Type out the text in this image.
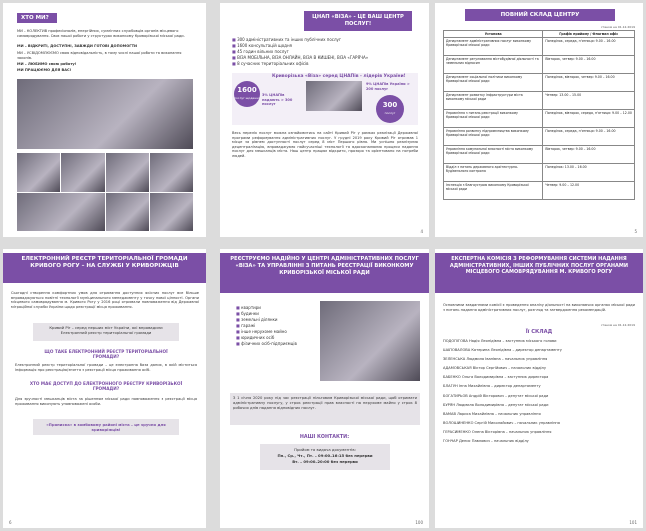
ХТО МИ?
МИ – КОЛЕКТИВ професіоналів, енергійних, сумлінних службовців органів місцевого самоврядування. Своє нашої роботи у структурах виконкому Криворізької міської ради.
МИ – ВІДКРИТІ, ДОСТУПНІ, ЗАВЖДИ ГОТОВІ ДОПОМОГТИ
МИ – УСВІДОМЛЮЄМО свою відповідальність, в тому числі нашої роботи та виконання законів.
МИ – ЛЮБИМО свою роботу!
МИ ПРАЦЮЄМО ДЛЯ ВАС!
ЦНАП «ВІЗА» - ЦЕ ВАШ ЦЕНТР ПОСЛУГ!
■ 300 адміністративних та інших публічних послуг
■ 1600 консультацій щодня
■ 45 годин вільних послуг
■ ВІЗА МОБІЛЬНА, ВІЗА ОНЛАЙН, ВІЗА В КИШЕНІ, ВІЗА «ГАРЯЧА»
■ 8 сучасних територіальних офісів
Криворізька «Віза» серед ЦНАПів - лідерів України!
1600
послуг щоденно
3% ЦНАПів надають > 300 послуг
9% ЦНАПів України > 200 послуг
300
послуг
Весь перелік послуг можна ознайомитись на сайті Кривий Ріг у рамках реалізації Державної програми реформування адміністративних послуг. У грудні 2019 року Кривий Ріг отримав 1 місце за рівнем доступності послуг серед 8 міст Першого рівня. Ми успішно реалізуємо децентралізацію, впроваджуємо найсучасніші технології та вдосконалюємо процеси надання послуг для мешканців міста. Наш центр працює відкрито, прозоро та орієнтовано на потреби людей.
4
ПОВНИЙ СКЛАД ЦЕНТРУ
станом на 01.12.2019
Установа	Графік прийому / Флагман офіс
Департамент адміністративних послуг виконкому Криворізької міської ради	Понеділок, середа, п'ятниця: 9.00 – 16.00
Департамент регулювання містобудівної діяльності та земельних відносин	Вівторок, четвер: 9.00 – 16.00
Департамент соціальної політики виконкому Криворізької міської ради	Понеділок, вівторок, четвер: 9.00 – 16.00
Департамент розвитку інфраструктури міста виконкому міської ради	Четвер: 13.00 – 15.00
Управління з питань реєстрації виконкому Криворізької міської ради	Понеділок, вівторок, середа, п'ятниця: 9.00 – 12.00
Управління розвитку підприємництва виконкому Криворізької міської ради	Понеділок, середа, п'ятниця: 9.00 – 16.00
Управління комунальної власності міста виконкому Криворізької міської ради	Вівторок, четвер: 9.00 – 16.00
Відділ з питань державного архітектурно-будівельного контролю	Понеділок: 13.00 – 16.00
Інспекція з благоустрою виконкому Криворізької міської ради	Четвер: 9.00 – 12.00
5
ЕЛЕКТРОННИЙ РЕЄСТР ТЕРИТОРІАЛЬНОЇ ГРОМАДИ КРИВОГО РОГУ – НА СЛУЖБІ У КРИВОРІЖЦІВ
Сьогодні створення комфортних умов для отримання доступних якісних послуг все більше впроваджуються новітні технології муніципального менеджменту у точку нової цінності. Органи місцевого самоврядування м. Кривого Рогу у 2016 році отримали повноваження від Державної міграційної служби України щодо реєстрації місця проживання.
Кривий Ріг – серед перших міст України, які впровадили Електронний реєстр територіальної громади
ЩО ТАКЕ ЕЛЕКТРОННИЙ РЕЄСТР ТЕРИТОРІАЛЬНОЇ ГРОМАДИ?
Електронний реєстр територіальної громади – це електронна база даних, в якій міститься інформація про реєстрацію/зняття з реєстрації місця проживання осіб.
ХТО МАЄ ДОСТУП ДО ЕЛЕКТРОННОГО РЕЄСТРУ КРИВОРІЗЬКОЇ ГРОМАДИ?
Для зручності мешканців міста за рішенням міської ради повноваження з реєстрації місця проживання виконують уповноважені особи.
«Прописка» в зомбовому районі міста – це зручно для криворіжців!
6
РЕЄСТРУЄМО НАДІЙНО У ЦЕНТРІ АДМІНІСТРАТИВНИХ ПОСЛУГ «ВІЗА» ТА УПРАВЛІННІ З ПИТАНЬ РЕЄСТРАЦІЇ ВИКОНКОМУ КРИВОРІЗЬКОЇ МІСЬКОЇ РАДИ
■ квартири
■ будинки
■ земельні ділянки
■ гаражі
■ інше нерухоме майно
■ юридичних осіб
■ фізичних осіб-підприємців
З 1 січня 2020 року під час реєстрації пільговим Криворізької міської ради, щоб отримати адміністративну послугу, у строк реєстрації прав власності на нерухоме майно у строк 8 робочих днів надання відповідних послуг.
НАШІ КОНТАКТИ:
Прийом та видача документів:
Пн., Ср., Чт., Пт. – 09:00–16:15 без перерви
Вт. – 09:00–20:00 без перерви
100
ЕКСПЕРТНА КОМІСІЯ З РЕФОРМУВАННЯ СИСТЕМИ НАДАННЯ АДМІНІСТРАТИВНИХ, ІНШИХ ПУБЛІЧНИХ ПОСЛУГ ОРГАНАМИ МІСЦЕВОГО САМОВРЯДУВАННЯ М. КРИВОГО РОГУ
Основними завданнями комісії є проведення аналізу діяльності на виконавчих органах міської ради з питань надання адміністративних послуг, розгляд та затвердження рекомендацій.
станом на 01.12.2019
Її СКЛАД
ПОДОПІГОВА Надія Леонідівна – заступник міського голови
ШАПОВАЛОВА Катерина Леонідівна – директор департаменту
ЗЕЛЕНСЬКА Людмила Іванівна – начальник управління
АДАМОВСЬКАЯ Віктор Сергійович – начальник відділу
БАБЕНКО Ольга Володимирівна – заступник директора
БЛАГУН Інна Михайлівна – директор департаменту
БОГАТИРЬОВ Андрій Вікторович – депутат міської ради
БУРЯН Людмила Володимирівна – депутат міської ради
ВАМАВ Лариса Михайлівна – начальник управління
ВОЛОШИНЕНКО Сергій Миколайович – начальник управління
ГЕРАСИМЕНКО Олена Вікторівна – начальник управління
ГОНЧАР Денис Павлович – начальник відділу
101
